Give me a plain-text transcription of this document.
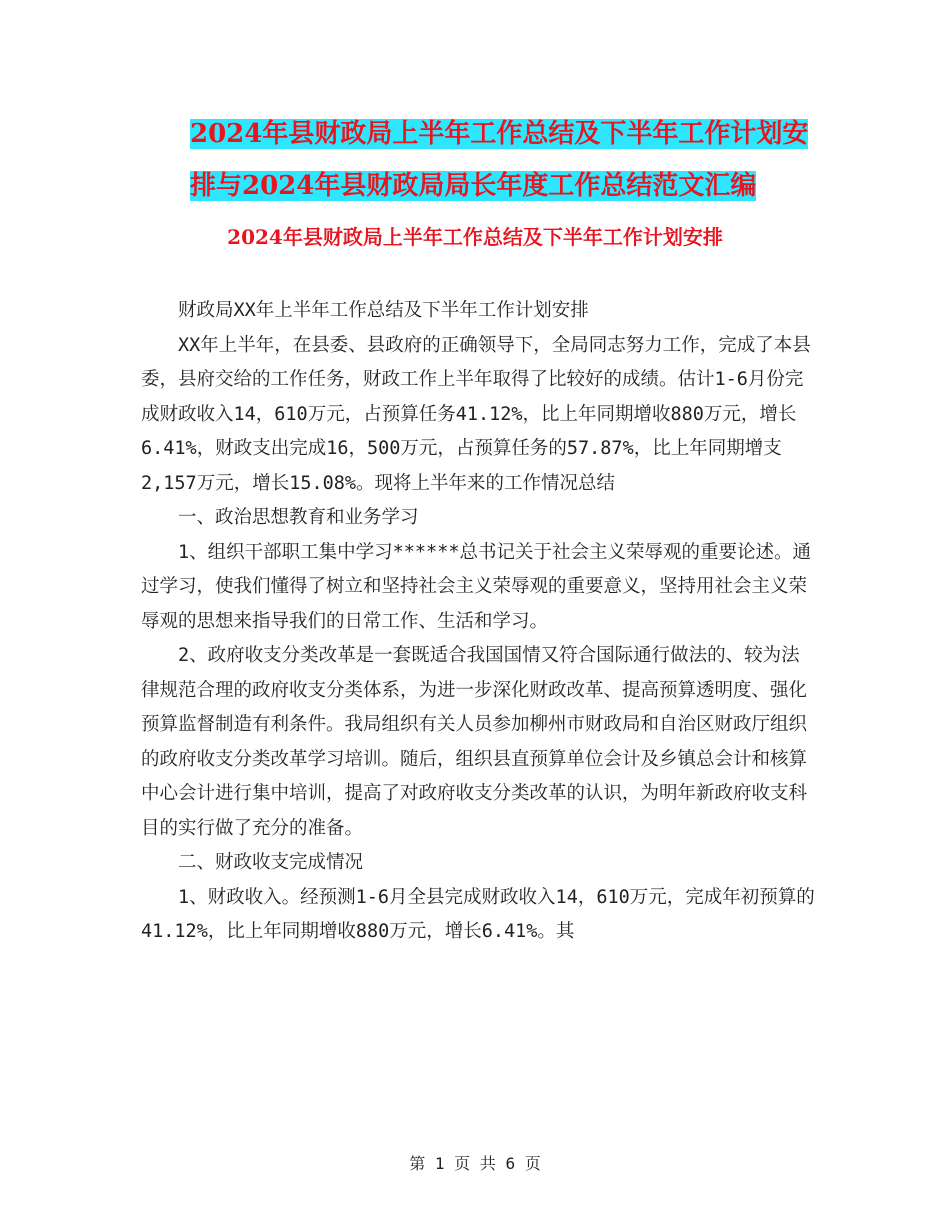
2024年县财政局上半年工作总结及下半年工作计划安
排与2024年县财政局局长年度工作总结范文汇编
2024年县财政局上半年工作总结及下半年工作计划安排

财政局XX年上半年工作总结及下半年工作计划安排

XX年上半年，在县委、县政府的正确领导下，全局同志努力工作，完成了本县委，县府交给的工作任务，财政工作上半年取得了比较好的成绩。估计1-6月份完成财政收入14，610万元，占预算任务41.12%，比上年同期增收880万元，增长6.41%，财政支出完成16，500万元，占预算任务的57.87%，比上年同期增支2,157万元，增长15.08%。现将上半年来的工作情况总结

一、政治思想教育和业务学习

1、组织干部职工集中学习******总书记关于社会主义荣辱观的重要论述。通过学习，使我们懂得了树立和坚持社会主义荣辱观的重要意义，坚持用社会主义荣辱观的思想来指导我们的日常工作、生活和学习。

2、政府收支分类改革是一套既适合我国国情又符合国际通行做法的、较为法律规范合理的政府收支分类体系，为进一步深化财政改革、提高预算透明度、强化预算监督制造有利条件。我局组织有关人员参加柳州市财政局和自治区财政厅组织的政府收支分类改革学习培训。随后，组织县直预算单位会计及乡镇总会计和核算中心会计进行集中培训，提高了对政府收支分类改革的认识，为明年新政府收支科目的实行做了充分的准备。

二、财政收支完成情况

1、财政收入。经预测1-6月全县完成财政收入14，610万元，完成年初预算的41.12%，比上年同期增收880万元，增长6.41%。其

第 1 页 共 6 页
